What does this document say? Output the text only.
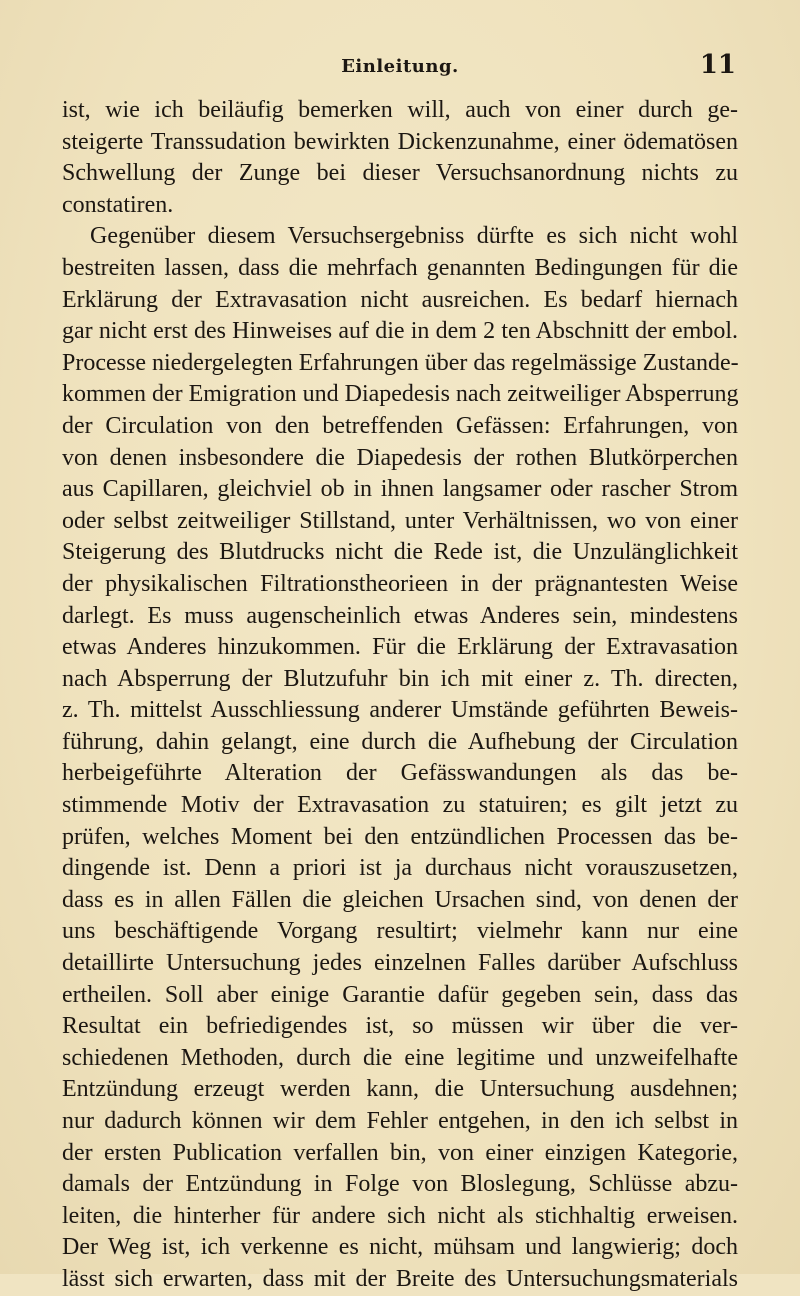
Einleitung.	11
ist, wie ich beiläufig bemerken will, auch von einer durch ge-
steigerte Transsudation bewirkten Dickenzunahme, einer ödematösen
Schwellung der Zunge bei dieser Versuchsanordnung nichts zu
constatiren.
Gegenüber diesem Versuchsergebniss dürfte es sich nicht wohl
bestreiten lassen, dass die mehrfach genannten Bedingungen für die
Erklärung der Extravasation nicht ausreichen. Es bedarf hiernach
gar nicht erst des Hinweises auf die in dem 2 ten Abschnitt der embol.
Processe niedergelegten Erfahrungen über das regelmässige Zustande-
kommen der Emigration und Diapedesis nach zeitweiliger Absperrung
der Circulation von den betreffenden Gefässen: Erfahrungen, von
von denen insbesondere die Diapedesis der rothen Blutkörperchen
aus Capillaren, gleichviel ob in ihnen langsamer oder rascher Strom
oder selbst zeitweiliger Stillstand, unter Verhältnissen, wo von einer
Steigerung des Blutdrucks nicht die Rede ist, die Unzulänglichkeit
der physikalischen Filtrationstheorieen in der prägnantesten Weise
darlegt. Es muss augenscheinlich etwas Anderes sein, mindestens
etwas Anderes hinzukommen. Für die Erklärung der Extravasation
nach Absperrung der Blutzufuhr bin ich mit einer z. Th. directen,
z. Th. mittelst Ausschliessung anderer Umstände geführten Beweis-
führung, dahin gelangt, eine durch die Aufhebung der Circulation
herbeigeführte Alteration der Gefässwandungen als das be-
stimmende Motiv der Extravasation zu statuiren; es gilt jetzt zu
prüfen, welches Moment bei den entzündlichen Processen das be-
dingende ist. Denn a priori ist ja durchaus nicht vorauszusetzen,
dass es in allen Fällen die gleichen Ursachen sind, von denen der
uns beschäftigende Vorgang resultirt; vielmehr kann nur eine
detaillirte Untersuchung jedes einzelnen Falles darüber Aufschluss
ertheilen. Soll aber einige Garantie dafür gegeben sein, dass das
Resultat ein befriedigendes ist, so müssen wir über die ver-
schiedenen Methoden, durch die eine legitime und unzweifelhafte
Entzündung erzeugt werden kann, die Untersuchung ausdehnen;
nur dadurch können wir dem Fehler entgehen, in den ich selbst in
der ersten Publication verfallen bin, von einer einzigen Kategorie,
damals der Entzündung in Folge von Bloslegung, Schlüsse abzu-
leiten, die hinterher für andere sich nicht als stichhaltig erweisen.
Der Weg ist, ich verkenne es nicht, mühsam und langwierig; doch
lässt sich erwarten, dass mit der Breite des Untersuchungsmaterials
